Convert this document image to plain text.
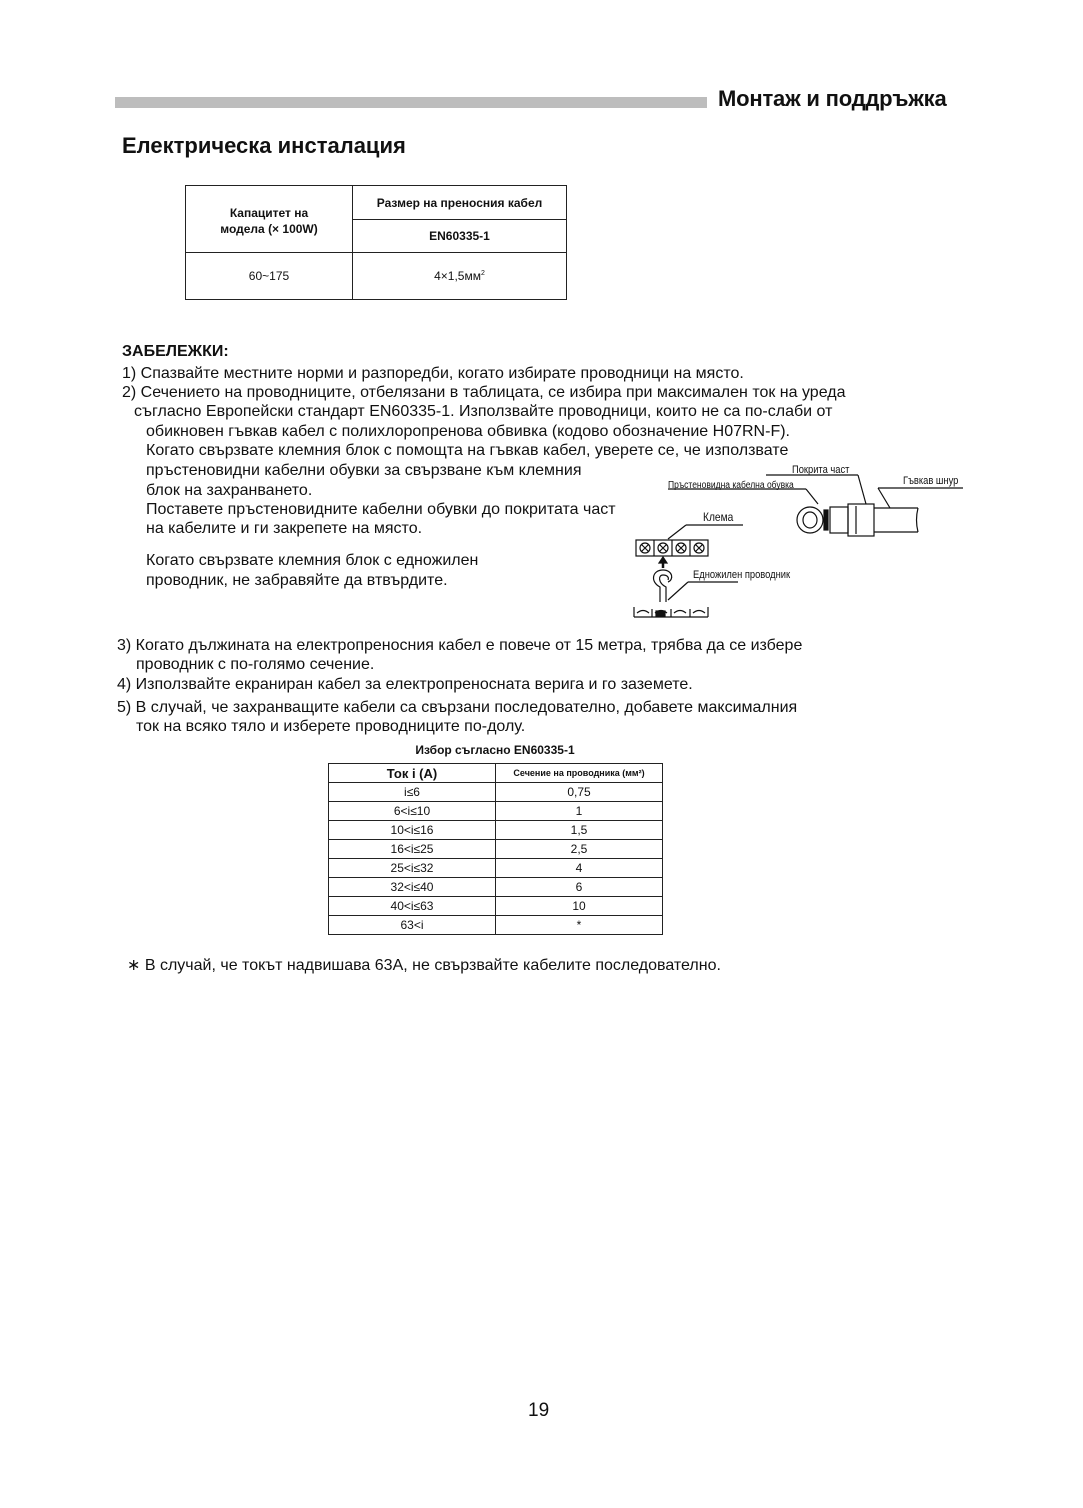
Монтаж и поддръжка
Електрическа инсталация
Капацитет на
модела (× 100W)	Размер на преносния кабел
	EN60335-1
60~175	$4\times 1,5мм^2$
ЗАБЕЛЕЖКИ:
1) Спазвайте местните норми и разпоредби, когато избирате проводници на място.
2) Сечението на проводниците, отбелязани в таблицата, се избира при максимален ток на уреда
съгласно Европейски стандарт EN60335-1. Използвайте проводници, които не са по-слаби от
обикновен гъвкав кабел с полихлоропренова обвивка (кодово обозначение H07RN-F).
Когато свързвате клемния блок с помощта на гъвкав кабел, уверете се, че използвате
пръстеновидни кабелни обувки за свързване към клемния
блок на захранването.
Поставете пръстеновидните кабелни обувки до покритата част
на кабелите и ги закрепете на място.
Когато свързвате клемния блок с едножилен
проводник, не забравяйте да втвърдите.
3) Когато дължината на електропреносния кабел е повече от 15 метра, трябва да се избере
проводник с по-голямо сечение.
4) Използвайте екраниран кабел за електропреносната верига и го заземете.
5) В случай, че захранващите кабели са свързани последователно, добавете максималния
ток на всяко тяло и изберете проводниците по-долу.
Покрита част
Гъвкав шнур
Пръстеновидна кабелна обувка
Клема
Едножилен проводник
Избор съгласно EN60335-1
Ток i (A)	Сечение на проводника (мм²)
i≤6	0,75
6<i≤10	1
10<i≤16	1,5
16<i≤25	2,5
25<i≤32	4
32<i≤40	6
40<i≤63	10
63<i	*
∗ В случай, че токът надвишава 63A, не свързвайте кабелите последователно.
19
